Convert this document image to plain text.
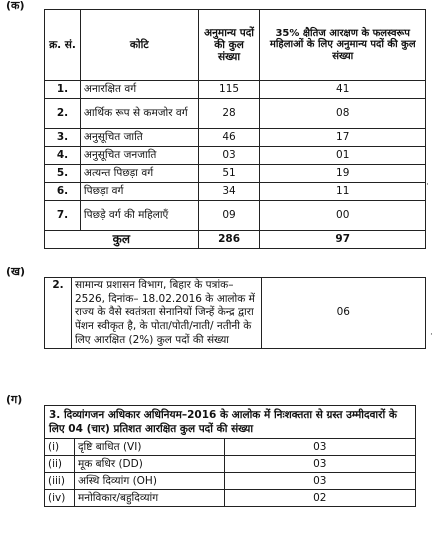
(क)
क्र. सं.	कोटि	अनुमान्य पदों की कुल संख्या	35% क्षैतिज आरक्षण के फलस्वरूप महिलाओं के लिए अनुमान्य पदों की कुल संख्या
1.	अनारक्षित वर्ग	115	41
2.	आर्थिक रूप से कमजोर वर्ग	28	08
3.	अनुसूचित जाति	46	17
4.	अनुसूचित जनजाति	03	01
5.	अत्यन्त पिछड़ा वर्ग	51	19
6.	पिछड़ा वर्ग	34	11
7.	पिछड़े वर्ग की महिलाएँ	09	00
कुल		286	97
(ख)
2.	सामान्य प्रशासन विभाग, बिहार के पत्रांक– 2526, दिनांक– 18.02.2016 के आलोक में राज्य के वैसे स्वतंत्रता सेनानियों जिन्हें केन्द्र द्वारा पेंशन स्वीकृत है, के पोता/पोती/नाती/ नतीनी के लिए आरक्षित (2%) कुल पदों की संख्या	06
(ग)
3. दिव्यांगजन अधिकार अधिनियम–2016 के आलोक में निःशक्तता से ग्रस्त उम्मीदवारों के लिए 04 (चार) प्रतिशत आरक्षित कुल पदों की संख्या		
(i)	दृष्टि बाधित (VI)	03
(ii)	मूक बधिर (DD)	03
(iii)	अस्थि दिव्यांग (OH)	03
(iv)	मनोविकार/बहुदिव्यांग	02
·
·
